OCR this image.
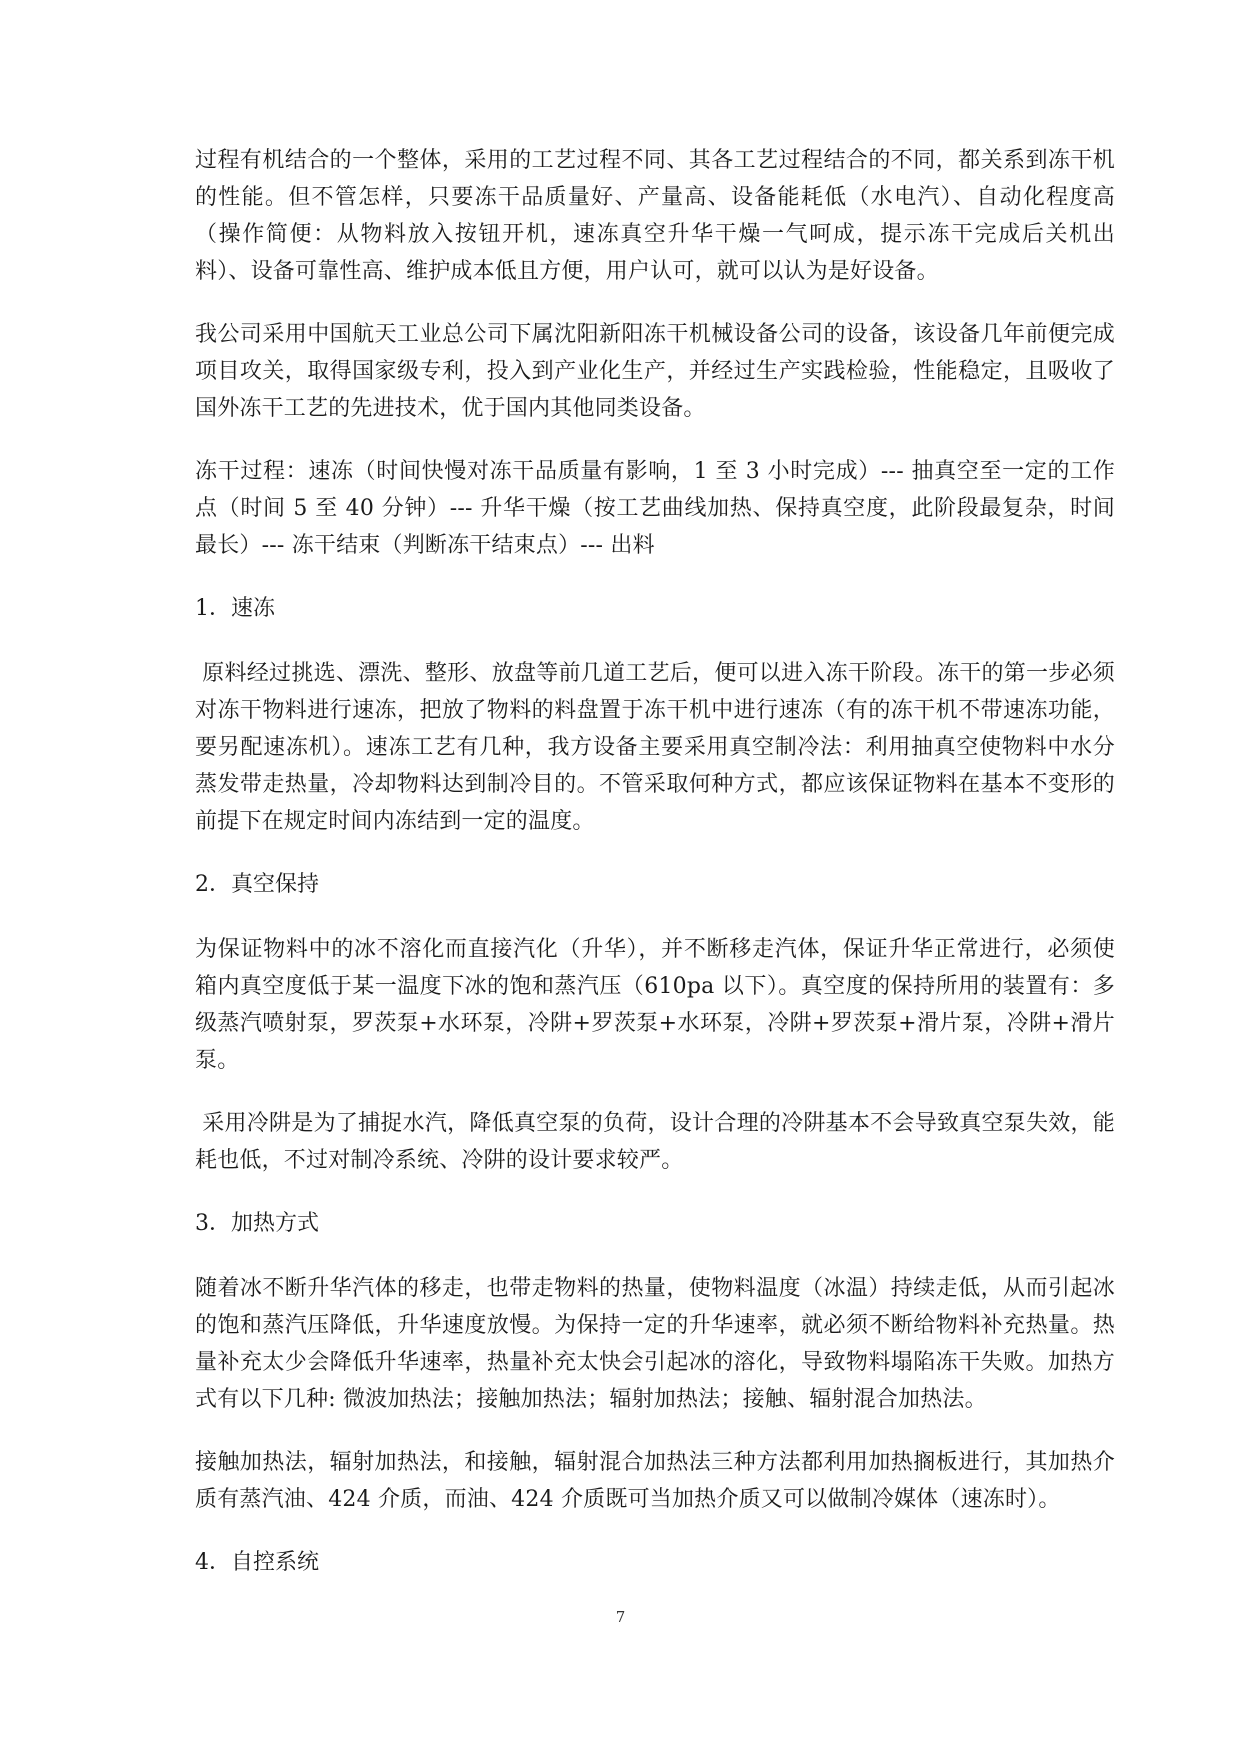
过程有机结合的一个整体，采用的工艺过程不同、其各工艺过程结合的不同，都关系到冻干机的性能。但不管怎样，只要冻干品质量好、产量高、设备能耗低（水电汽）、自动化程度高（操作简便：从物料放入按钮开机，速冻真空升华干燥一气呵成，提示冻干完成后关机出料）、设备可靠性高、维护成本低且方便，用户认可，就可以认为是好设备。

我公司采用中国航天工业总公司下属沈阳新阳冻干机械设备公司的设备，该设备几年前便完成项目攻关，取得国家级专利，投入到产业化生产，并经过生产实践检验，性能稳定，且吸收了国外冻干工艺的先进技术，优于国内其他同类设备。

冻干过程：速冻（时间快慢对冻干品质量有影响，1 至 3 小时完成）--- 抽真空至一定的工作点（时间 5 至 40 分钟）--- 升华干燥（按工艺曲线加热、保持真空度，此阶段最复杂，时间最长）--- 冻干结束（判断冻干结束点）--- 出料

1．速冻

原料经过挑选、漂洗、整形、放盘等前几道工艺后，便可以进入冻干阶段。冻干的第一步必须对冻干物料进行速冻，把放了物料的料盘置于冻干机中进行速冻（有的冻干机不带速冻功能，要另配速冻机）。速冻工艺有几种，我方设备主要采用真空制冷法：利用抽真空使物料中水分蒸发带走热量，冷却物料达到制冷目的。不管采取何种方式，都应该保证物料在基本不变形的前提下在规定时间内冻结到一定的温度。

2．真空保持

为保证物料中的冰不溶化而直接汽化（升华），并不断移走汽体，保证升华正常进行，必须使箱内真空度低于某一温度下冰的饱和蒸汽压（610pa 以下）。真空度的保持所用的装置有：多级蒸汽喷射泵，罗茨泵+水环泵，冷阱+罗茨泵+水环泵，冷阱+罗茨泵+滑片泵，冷阱+滑片泵。

采用冷阱是为了捕捉水汽，降低真空泵的负荷，设计合理的冷阱基本不会导致真空泵失效，能耗也低，不过对制冷系统、冷阱的设计要求较严。

3．加热方式

随着冰不断升华汽体的移走，也带走物料的热量，使物料温度（冰温）持续走低，从而引起冰的饱和蒸汽压降低，升华速度放慢。为保持一定的升华速率，就必须不断给物料补充热量。热量补充太少会降低升华速率，热量补充太快会引起冰的溶化，导致物料塌陷冻干失败。加热方式有以下几种: 微波加热法；接触加热法；辐射加热法；接触、辐射混合加热法。

接触加热法，辐射加热法，和接触，辐射混合加热法三种方法都利用加热搁板进行，其加热介质有蒸汽油、424 介质，而油、424 介质既可当加热介质又可以做制冷媒体（速冻时）。

4．自控系统

7
